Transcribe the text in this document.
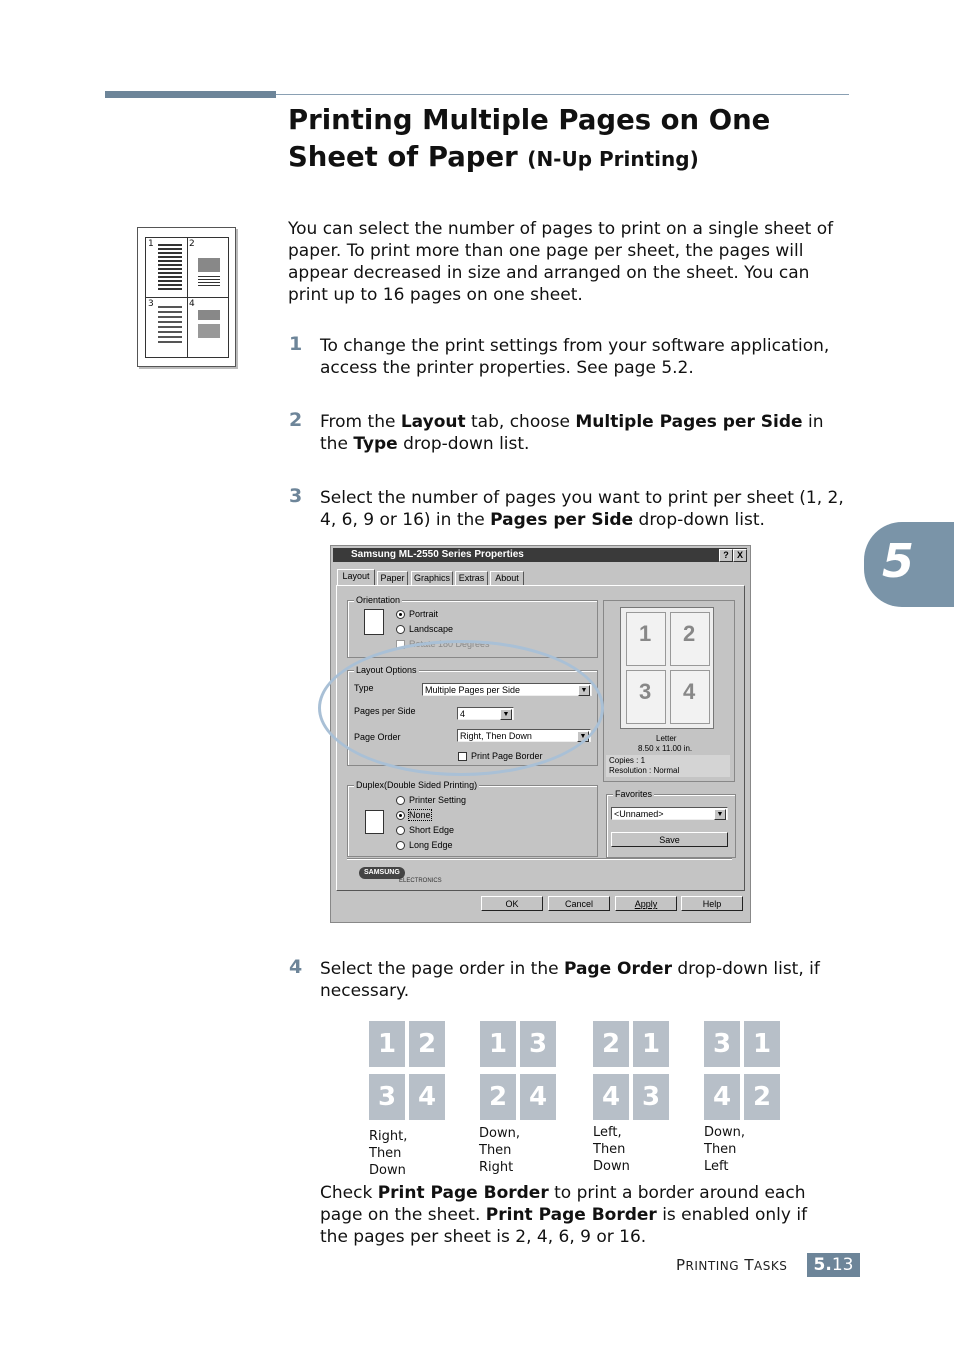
Printing Multiple Pages on One Sheet of Paper (N-Up Printing)
5
1	2
3	4
You can select the number of pages to print on a single sheet of paper. To print more than one page per sheet, the pages will appear decreased in size and arranged on the sheet. You can print up to 16 pages on one sheet.
1 To change the print settings from your software application, access the printer properties. See page 5.2.
2 From the Layout tab, choose Multiple Pages per Side in the Type drop-down list.
3 Select the number of pages you want to print per sheet (1, 2, 4, 6, 9 or 16) in the Pages per Side drop-down list.
Samsung ML-2550 Series Properties	? X
Layout	Paper	Graphics Extras	About
Orientation
Portrait
Landscape
Rotate 180 Degrees
Layout Options
Type	Multiple Pages per Side	▼
Pages per Side	4	▼
Page Order	Right, Then Down	▼
Print Page Border
Duplex(Double Sided Printing)
Printer Setting
None
Short Edge
Long Edge
1 2
3 4
Letter
8.50 x 11.00 in.
Copies : 1
Resolution : Normal
Favorites
<Unnamed>	▼
Save
SAMSUNG
ELECTRONICS
OK	Cancel	Apply	Help
4 Select the page order in the Page Order drop-down list, if necessary.
1 2
3 4
Right, Then
Down
1 3
2 4
Down, Then
Right
2 1
4 3
Left, Then
Down
3 1
4 2
Down, Then
Left
Check Print Page Border to print a border around each page on the sheet. Print Page Border is enabled only if the pages per sheet is 2, 4, 6, 9 or 16.
PRINTING TASKS	5.13
